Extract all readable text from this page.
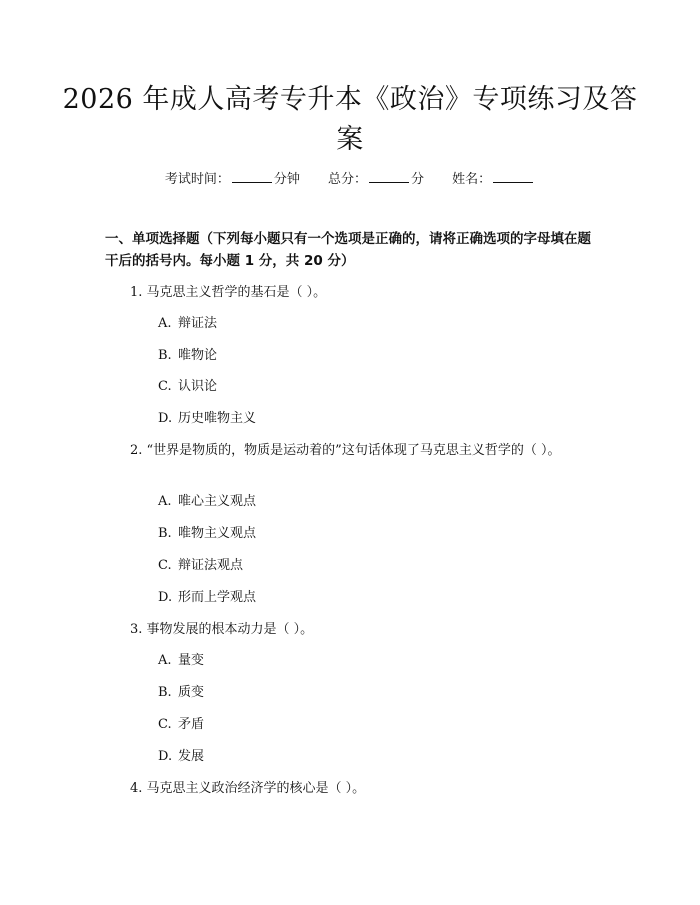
2026 年成人高考专升本《政治》专项练习及答案
考试时间：	分钟 总分：	分 姓名：
一、单项选择题（下列每小题只有一个选项是正确的，请将正确选项的字母填在题干后的括号内。每小题 1 分，共 20 分）
1. 马克思主义哲学的基石是（ ）。
A. 辩证法
B. 唯物论
C. 认识论
D. 历史唯物主义
2. “世界是物质的，物质是运动着的”这句话体现了马克思主义哲学的（ ）。
A. 唯心主义观点
B. 唯物主义观点
C. 辩证法观点
D. 形而上学观点
3. 事物发展的根本动力是（ ）。
A. 量变
B. 质变
C. 矛盾
D. 发展
4. 马克思主义政治经济学的核心是（ ）。
